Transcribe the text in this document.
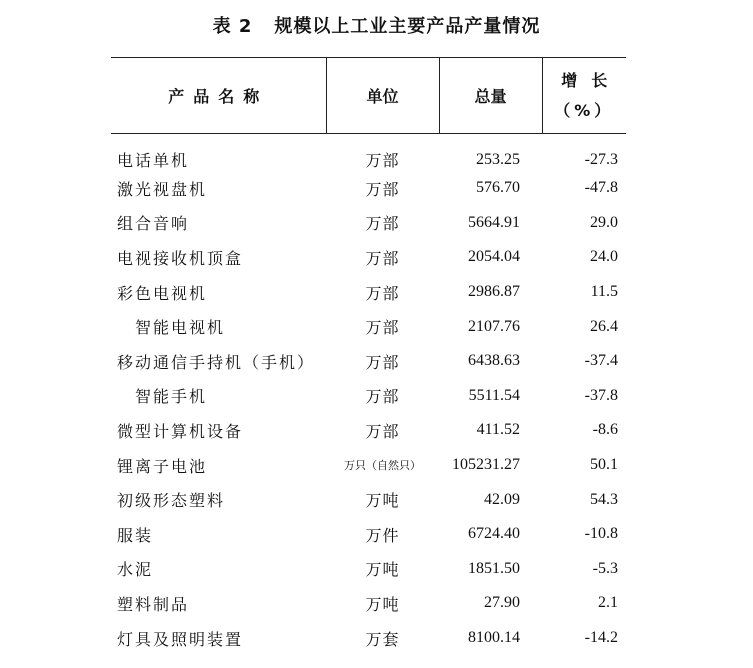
表 2 规模以上工业主要产品产量情况
产品名称	单位	总量	增长
（%）

电话单机	万部	253.25	-27.3
激光视盘机	万部	576.70	-47.8
组合音响	万部	5664.91	29.0
电视接收机顶盒	万部	2054.04	24.0
彩色电视机	万部	2986.87	11.5
智能电视机	万部	2107.76	26.4
移动通信手持机（手机）	万部	6438.63	-37.4
智能手机	万部	5511.54	-37.8
微型计算机设备	万部	411.52	-8.6
锂离子电池	万只（自然只）	105231.27	50.1
初级形态塑料	万吨	42.09	54.3
服装	万件	6724.40	-10.8
水泥	万吨	1851.50	-5.3
塑料制品	万吨	27.90	2.1
灯具及照明装置	万套	8100.14	-14.2
